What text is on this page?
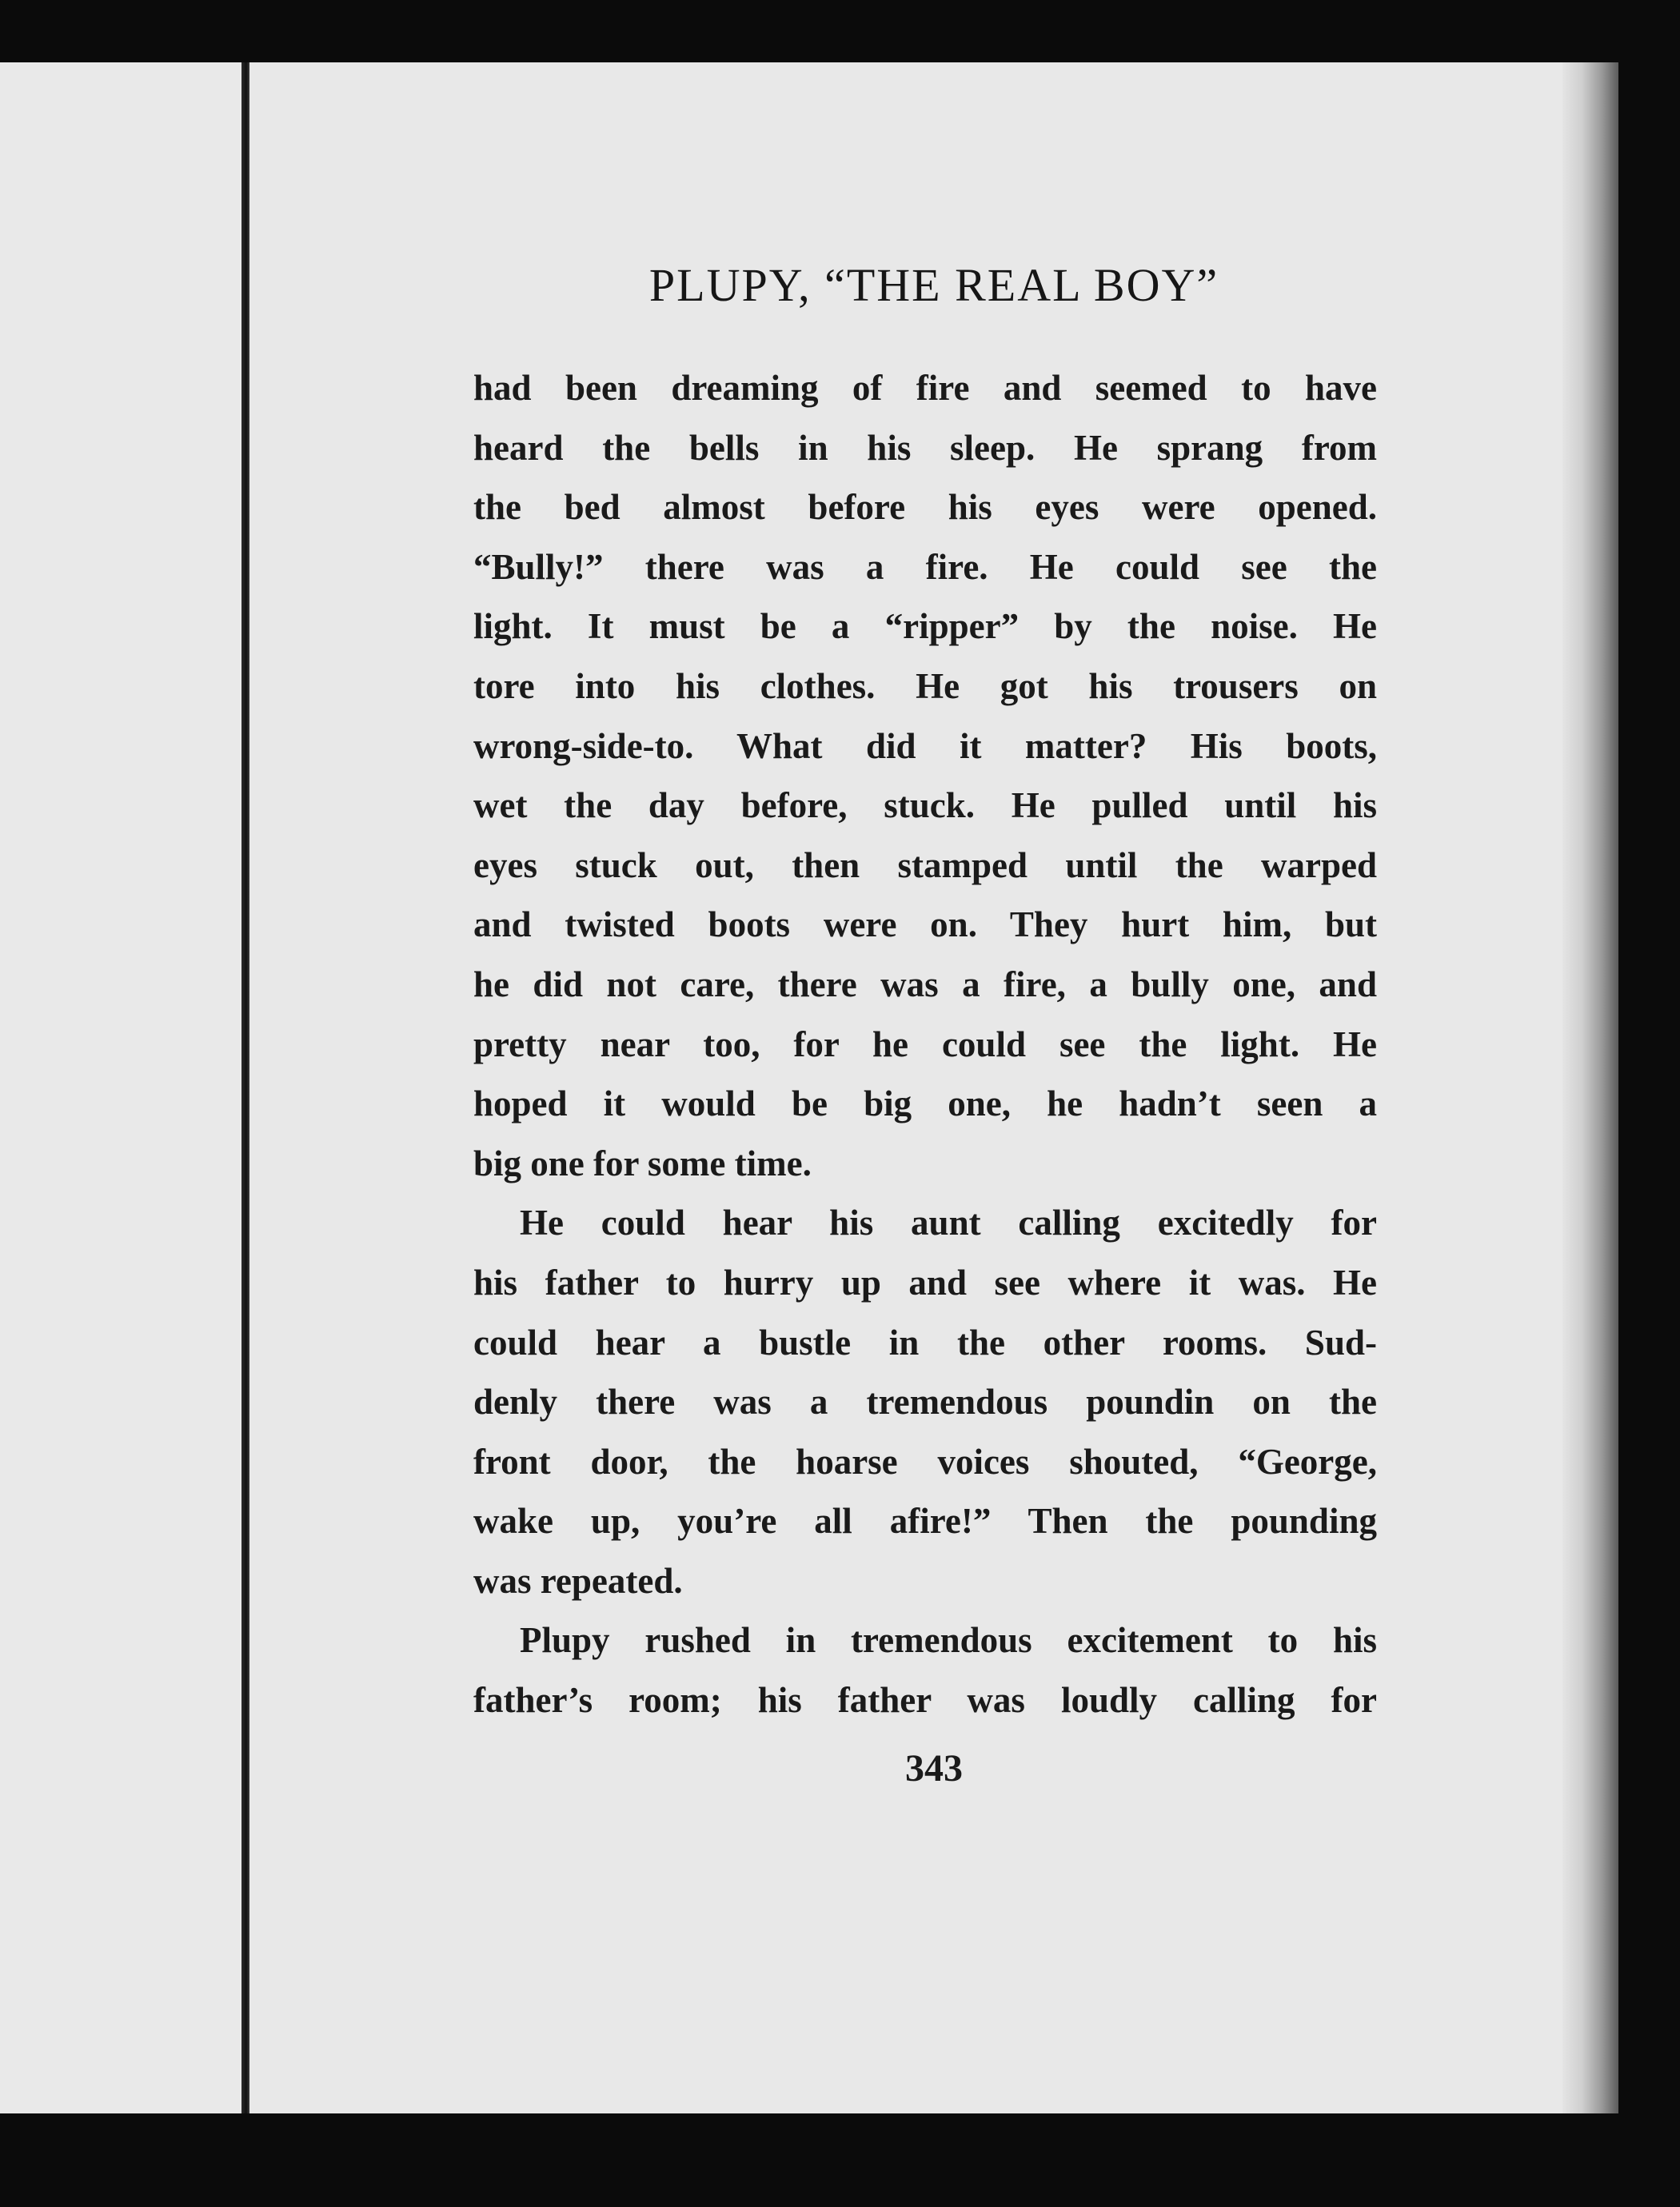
PLUPY, “THE REAL BOY”

had been dreaming of fire and seemed to have

heard the bells in his sleep. He sprang from

the bed almost before his eyes were opened.

“Bully!” there was a fire. He could see the

light. It must be a “ripper” by the noise. He

tore into his clothes. He got his trousers on

wrong-side-to. What did it matter? His boots,

wet the day before, stuck. He pulled until his

eyes stuck out, then stamped until the warped

and twisted boots were on. They hurt him, but

he did not care, there was a fire, a bully one, and

pretty near too, for he could see the light. He

hoped it would be big one, he hadn’t seen a

big one for some time.

He could hear his aunt calling excitedly for

his father to hurry up and see where it was. He

could hear a bustle in the other rooms. Sud-

denly there was a tremendous poundin on the

front door, the hoarse voices shouted, “George,

wake up, you’re all afire!” Then the pounding

was repeated.

Plupy rushed in tremendous excitement to his

father’s room; his father was loudly calling for

343
